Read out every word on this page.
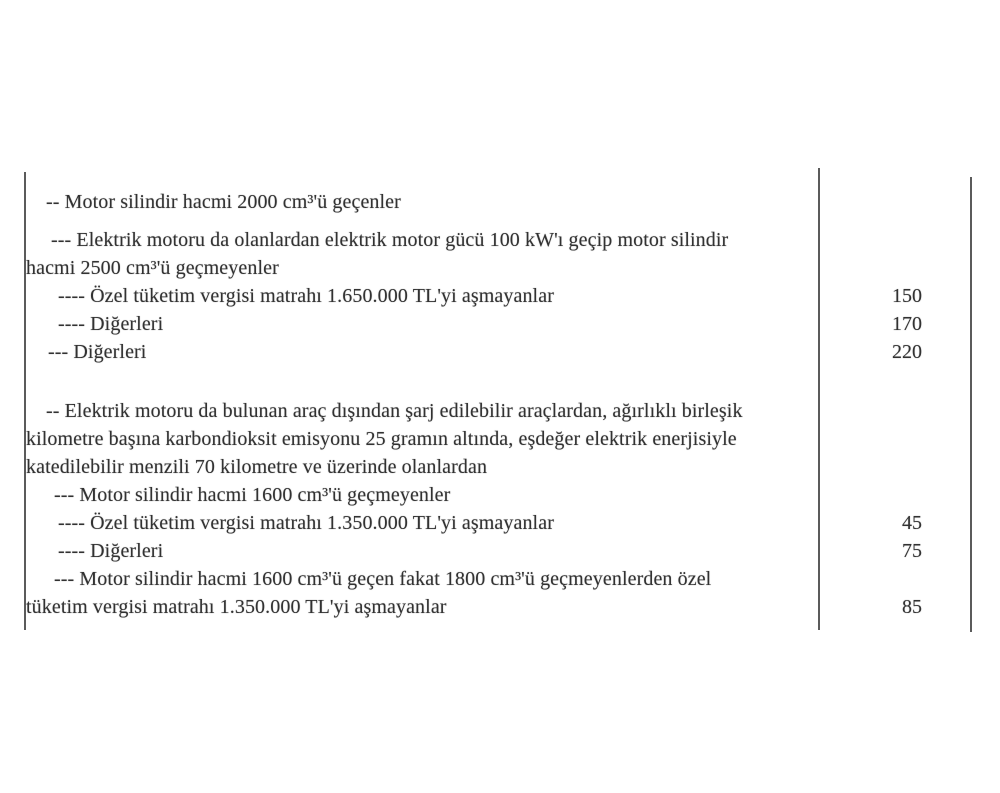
-- Motor silindir hacmi 2000 cm³'ü geçenler
--- Elektrik motoru da olanlardan elektrik motor gücü 100 kW'ı geçip motor silindir
hacmi 2500 cm³'ü geçmeyenler
---- Özel tüketim vergisi matrahı 1.650.000 TL'yi aşmayanlar	150
---- Diğerleri	170
--- Diğerleri	220
-- Elektrik motoru da bulunan araç dışından şarj edilebilir araçlardan, ağırlıklı birleşik
kilometre başına karbondioksit emisyonu 25 gramın altında, eşdeğer elektrik enerjisiyle
katedilebilir menzili 70 kilometre ve üzerinde olanlardan
--- Motor silindir hacmi 1600 cm³'ü geçmeyenler
---- Özel tüketim vergisi matrahı 1.350.000 TL'yi aşmayanlar	45
---- Diğerleri	75
--- Motor silindir hacmi 1600 cm³'ü geçen fakat 1800 cm³'ü geçmeyenlerden özel
tüketim vergisi matrahı 1.350.000 TL'yi aşmayanlar	85
